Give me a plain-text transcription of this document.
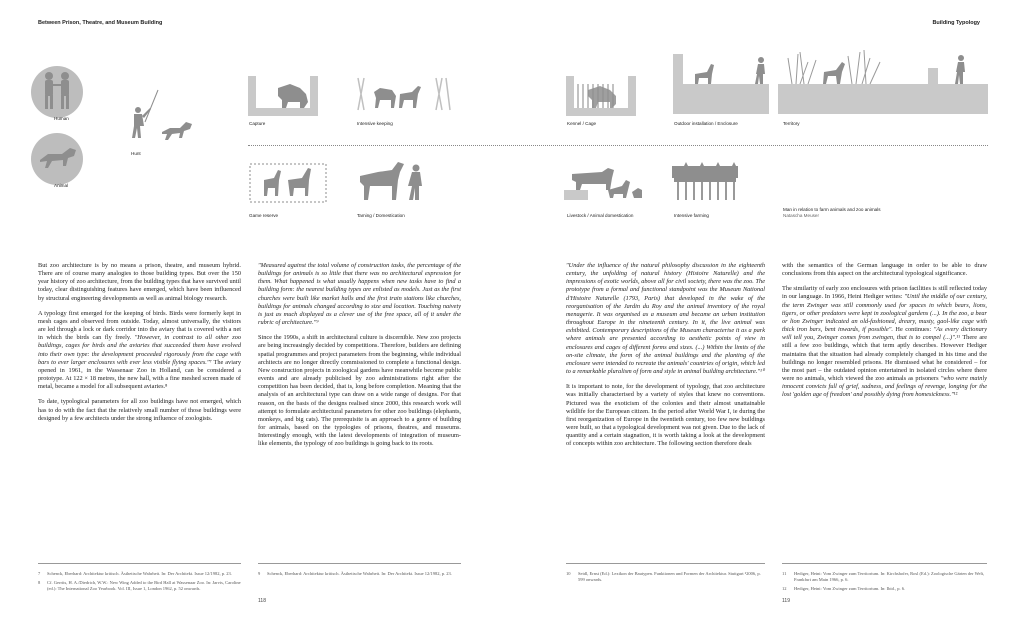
Between Prison, Theatre, and Museum Building	Building Typology
Human
Animal
Hunt
Capture	Intensive keeping	Kennel / Cage	Outdoor installation / Enclosure	Territory
Game reserve	Taming / Domestication	Livestock / Animal domestication	Intensive farming
Man in relation to farm animals and zoo animals
Natascha Meuser

But zoo architecture is by no means a prison, theatre, and museum hybrid. There are of course many analogies to those building types. But over the 150 year history of zoo architecture, from the building types that have survived until today, clear distinguishing features have emerged, which have been influenced by structural engineering developments as well as animal biology research.

A typology first emerged for the keeping of birds. Birds were formerly kept in mesh cages and observed from outside. Today, almost universally, the visitors are led through a lock or dark corridor into the aviary that is covered with a net in which the birds can fly freely. "However, in contrast to all other zoo buildings, cages for birds and the aviaries that succeeded them have evolved into their own type: the development proceeded rigorously from the cage with bars to ever larger enclosures with ever less visible flying spaces."⁷ The aviary opened in 1961, in the Wassenaar Zoo in Holland, can be considered a prototype. At 122 × 18 metres, the new hall, with a fine meshed screen made of metal, became a model for all subsequent aviaries.⁸

To date, typological parameters for all zoo buildings have not emerged, which has to do with the fact that the relatively small number of those buildings were designed by a few architects under the strong influence of zoologists.

"Measured against the total volume of construction tasks, the percentage of the buildings for animals is so little that there was no architectural expression for them. What happened is what usually happens when new tasks have to find a building form: the nearest building types are enlisted as models. Just as the first churches were built like market halls and the first train stations like churches, buildings for animals changed according to size and location. Touching naivety is just as much displayed as a clever use of the free space, all of it under the rubric of architecture."⁹

Since the 1990s, a shift in architectural culture is discernible. New zoo projects are being increasingly decided by competitions. Therefore, builders are defining spatial programmes and project parameters from the beginning, while individual architects are no longer directly commissioned to complete a functional design. New construction projects in zoological gardens have meanwhile become public events and are already publicised by zoo administrations right after the competition has been decided, that is, long before completion. Meaning that the analysis of an architectural type can draw on a wide range of designs. For that reason, on the basis of the designs realised since 2000, this research work will attempt to formulate architectural parameters for other zoo buildings (elephants, monkeys, and big cats). The prerequisite is an approach to a genre of building for animals, based on the typologies of prisons, theatres, and museums. Interestingly enough, with the latest developments of integration of museum-like elements, the typology of zoo buildings is going back to its roots.

"Under the influence of the natural philosophy discussion in the eighteenth century, the unfolding of natural history (Histoire Naturelle) and the impressions of exotic worlds, above all for civil society, there was the zoo. The prototype from a formal and functional standpoint was the Museum National d'Histoire Naturelle (1793, Paris) that developed in the wake of the reorganisation of the Jardin du Roy and the animal inventory of the royal menagerie. It was organised as a museum and became an urban institution throughout Europe in the nineteenth century. In it, the live animal was exhibited. Contemporary descriptions of the Museum characterise it as a park where animals are presented according to aesthetic points of view in enclosures and cages of different forms and sizes. (...) Within the limits of the on-site climate, the form of the animal buildings and the planting of the enclosure were intended to recreate the animals' countries of origin, which led to a remarkable pluralism of form and style in animal building architecture."¹⁰

It is important to note, for the development of typology, that zoo architecture was initially characterised by a variety of styles that knew no conventions. Pictured was the exoticism of the colonies and their almost unattainable wildlife for the European citizen. In the period after World War I, ie during the first reorganization of Europe in the twentieth century, too few new buildings were built, so that a typological development was not given. Due to the lack of quantity and a certain stagnation, it is worth taking a look at the development of concepts within zoo architecture. The following section therefore deals

with the semantics of the German language in order to be able to draw conclusions from this aspect on the architectural typological significance.

The similarity of early zoo enclosures with prison facilities is still reflected today in our language. In 1966, Heini Hediger writes: "Until the middle of our century, the term Zwinger was still commonly used for spaces in which bears, lions, tigers, or other predators were kept in zoological gardens (...). In the zoo, a bear or lion Zwinger indicated an old-fashioned, dreary, musty, gaol-like cage with thick iron bars, bent inwards, if possible". He continues: "As every dictionary will tell you, Zwinger comes from zwingen, that is to compel (...)".¹¹ There are still a few zoo buildings, which that term aptly describes. However Hediger maintains that the situation had already completely changed in his time and the buildings no longer resembled prisons. He dismissed what he considered – for the most part – the outdated opinion entertained in isolated circles where there were no animals, which viewed the zoo animals as prisoners "who were mainly innocent convicts full of grief, sadness, and feelings of revenge, longing for the lost 'golden age of freedom' and possibly dying from homesickness."¹²

7	Schenck, Eberhard: Architektur kritisch. Ästhetische Wahrheit. In: Der Architekt. Issue 12/1982, p. 23.
8	Cf. Gerrits, H. A./Diedrich, W.W.: New Wing Added to the Bird Hall at Wassenaar Zoo. In: Jarvis, Caroline (ed.): The International Zoo Yearbook. Vol. III, Issue 1, London 1962, p. 52 onwards.
9	Schenck, Eberhard: Architektur kritisch. Ästhetische Wahrheit. In: Der Architekt. Issue 12/1982, p. 23.	10	Seidl, Ernst (Ed.): Lexikon der Bautypen. Funktionen und Formen der Architektur. Stuttgart ²2006, p. 599 onwards.
11	Hediger, Heini: Vom Zwinger zum Territorium. In: Kirchshofer, Rosl (Ed.): Zoologische Gärten der Welt, Frankfurt am Main 1966, p. 6.
12	Hediger, Heini: Vom Zwinger zum Territorium. In: Ibid., p. 6.
118	119
